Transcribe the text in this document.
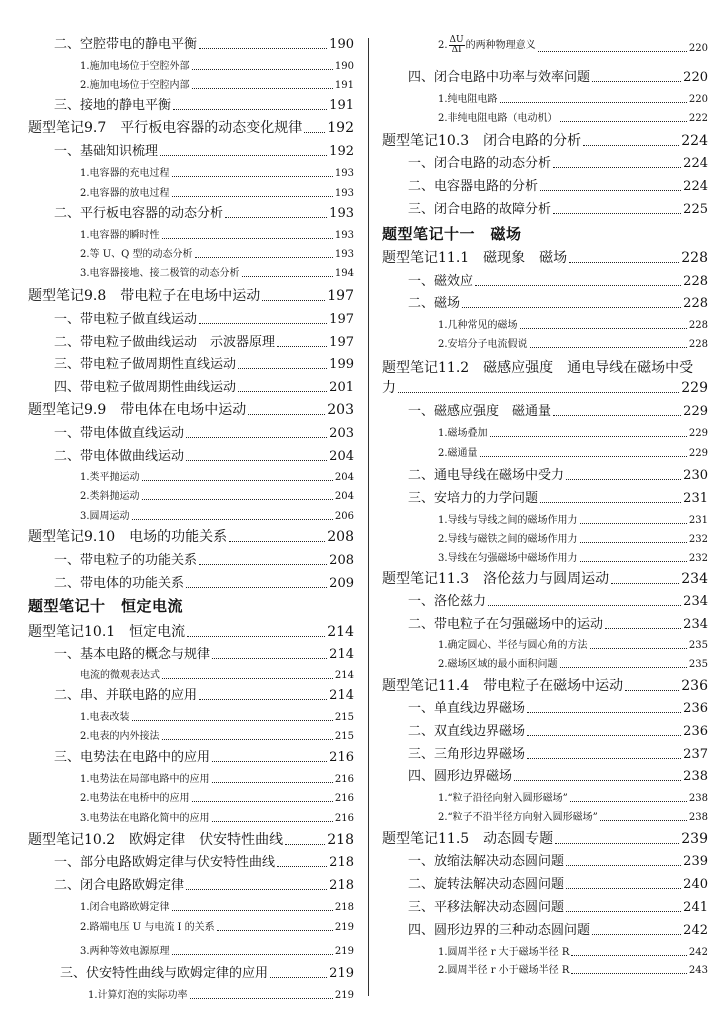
二、空腔带电的静电平衡	190
1.施加电场位于空腔外部	190
2.施加电场位于空腔内部	191
三、接地的静电平衡	191
题型笔记9.7　平行板电容器的动态变化规律 192
一、基础知识梳理	192
1.电容器的充电过程	193
2.电容器的放电过程	193
二、平行板电容器的动态分析	193
1.电容器的瞬时性	193
2.等 U、Q 型的动态分析	193
3.电容器接地、接二极管的动态分析	194
题型笔记9.8　带电粒子在电场中运动	197
一、带电粒子做直线运动	197
二、带电粒子做曲线运动　示波器原理	197
三、带电粒子做周期性直线运动	199
四、带电粒子做周期性曲线运动	201
题型笔记9.9　带电体在电场中运动	203
一、带电体做直线运动	203
二、带电体做曲线运动	204
1.类平抛运动	204
2.类斜抛运动	204
3.圆周运动	206
题型笔记9.10　电场的功能关系	208
一、带电粒子的功能关系	208
二、带电体的功能关系	209
题型笔记十　恒定电流
题型笔记10.1　恒定电流	214
一、基本电路的概念与规律	214
电流的微观表达式	214
二、串、并联电路的应用	214
1.电表改装	215
2.电表的内外接法	215
三、电势法在电路中的应用	216
1.电势法在局部电路中的应用	216
2.电势法在电桥中的应用	216
3.电势法在电路化简中的应用	216
题型笔记10.2　欧姆定律　伏安特性曲线	218
一、部分电路欧姆定律与伏安特性曲线	218
二、闭合电路欧姆定律	218
1.闭合电路欧姆定律	218
2.路端电压 U 与电流 I 的关系	219
3.两种等效电源原理	219
三、伏安特性曲线与欧姆定律的应用	219
1.计算灯泡的实际功率	219
2. $\frac{\Delta U}{\Delta I}$ 的两种物理意义	220
四、闭合电路中功率与效率问题	220
1.纯电阻电路	220
2.非纯电阻电路（电动机）	222
题型笔记10.3　闭合电路的分析	224
一、闭合电路的动态分析	224
二、电容器电路的分析	224
三、闭合电路的故障分析	225
题型笔记十一　磁场
题型笔记11.1　磁现象　磁场	228
一、磁效应	228
二、磁场	228
1.几种常见的磁场	228
2.安培分子电流假说	228
题型笔记11.2　磁感应强度　通电导线在磁场中受
力	229
一、磁感应强度　磁通量	229
1.磁场叠加	229
2.磁通量	229
二、通电导线在磁场中受力	230
三、安培力的力学问题	231
1.导线与导线之间的磁场作用力	231
2.导线与磁铁之间的磁场作用力	232
3.导线在匀强磁场中磁场作用力	232
题型笔记11.3　洛伦兹力与圆周运动	234
一、洛伦兹力	234
二、带电粒子在匀强磁场中的运动	234
1.确定圆心、半径与圆心角的方法	235
2.磁场区域的最小面积问题	235
题型笔记11.4　带电粒子在磁场中运动	236
一、单直线边界磁场	236
二、双直线边界磁场	236
三、三角形边界磁场	237
四、圆形边界磁场	238
1.“粒子沿径向射入圆形磁场”	238
2.“粒子不沿半径方向射入圆形磁场”	238
题型笔记11.5　动态圆专题	239
一、放缩法解决动态圆问题	239
二、旋转法解决动态圆问题	240
三、平移法解决动态圆问题	241
四、圆形边界的三种动态圆问题	242
1.圆周半径 r 大于磁场半径 R	242
2.圆周半径 r 小于磁场半径 R	243
